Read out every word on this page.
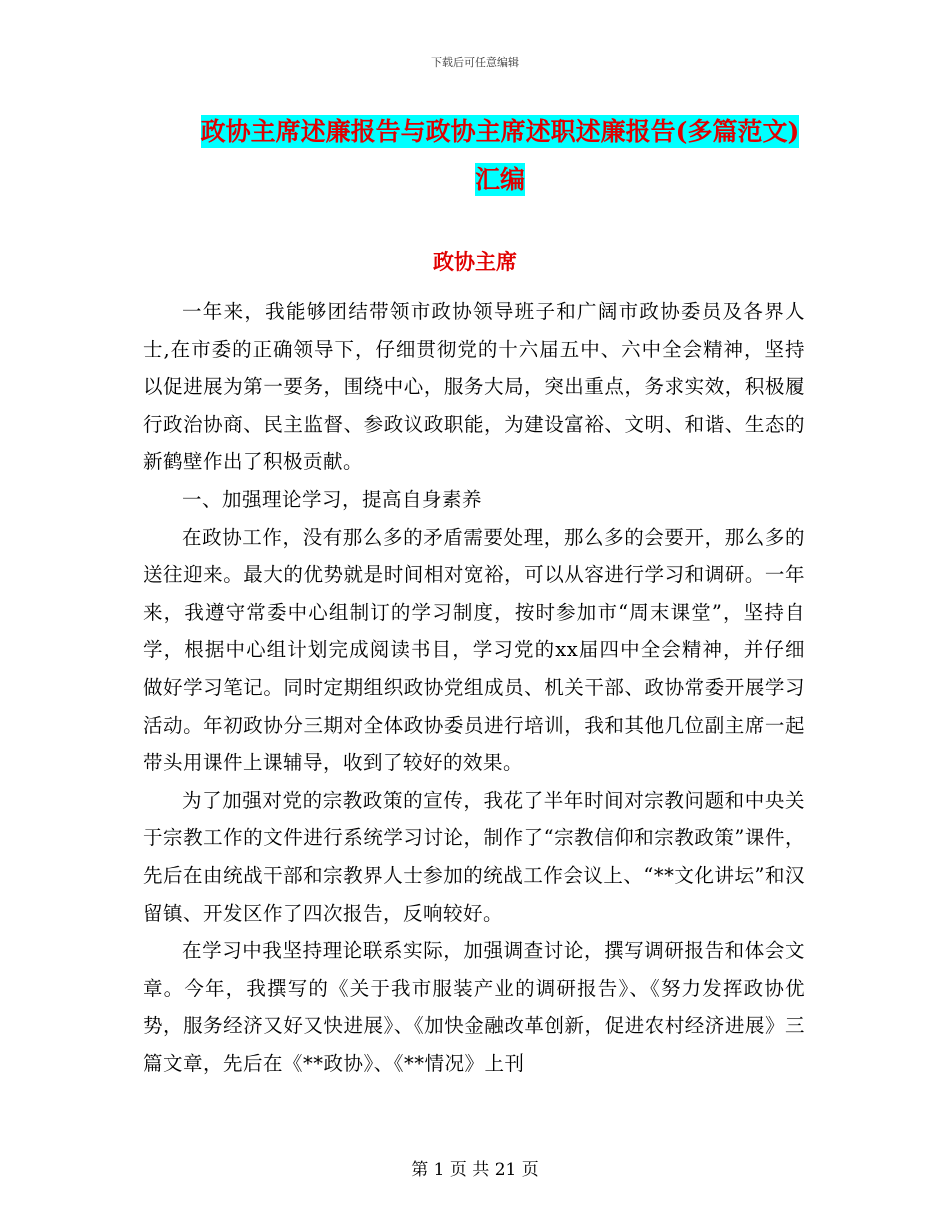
下载后可任意编辑
政协主席述廉报告与政协主席述职述廉报告(多篇范文)汇编
政协主席

一年来，我能够团结带领市政协领导班子和广阔市政协委员及各界人士,在市委的正确领导下，仔细贯彻党的十六届五中、六中全会精神，坚持以促进展为第一要务，围绕中心，服务大局，突出重点，务求实效，积极履行政治协商、民主监督、参政议政职能，为建设富裕、文明、和谐、生态的新鹤壁作出了积极贡献。

一、加强理论学习，提高自身素养

在政协工作，没有那么多的矛盾需要处理，那么多的会要开，那么多的送往迎来。最大的优势就是时间相对宽裕，可以从容进行学习和调研。一年来，我遵守常委中心组制订的学习制度，按时参加市“周末课堂”，坚持自学，根据中心组计划完成阅读书目，学习党的xx届四中全会精神，并仔细做好学习笔记。同时定期组织政协党组成员、机关干部、政协常委开展学习活动。年初政协分三期对全体政协委员进行培训，我和其他几位副主席一起带头用课件上课辅导，收到了较好的效果。

为了加强对党的宗教政策的宣传，我花了半年时间对宗教问题和中央关于宗教工作的文件进行系统学习讨论，制作了“宗教信仰和宗教政策”课件，先后在由统战干部和宗教界人士参加的统战工作会议上、“**文化讲坛”和汉留镇、开发区作了四次报告，反响较好。

在学习中我坚持理论联系实际，加强调查讨论，撰写调研报告和体会文章。今年，我撰写的《关于我市服装产业的调研报告》、《努力发挥政协优势，服务经济又好又快进展》、《加快金融改革创新，促进农村经济进展》三篇文章，先后在《**政协》、《**情况》上刊

第 1 页 共 21 页
